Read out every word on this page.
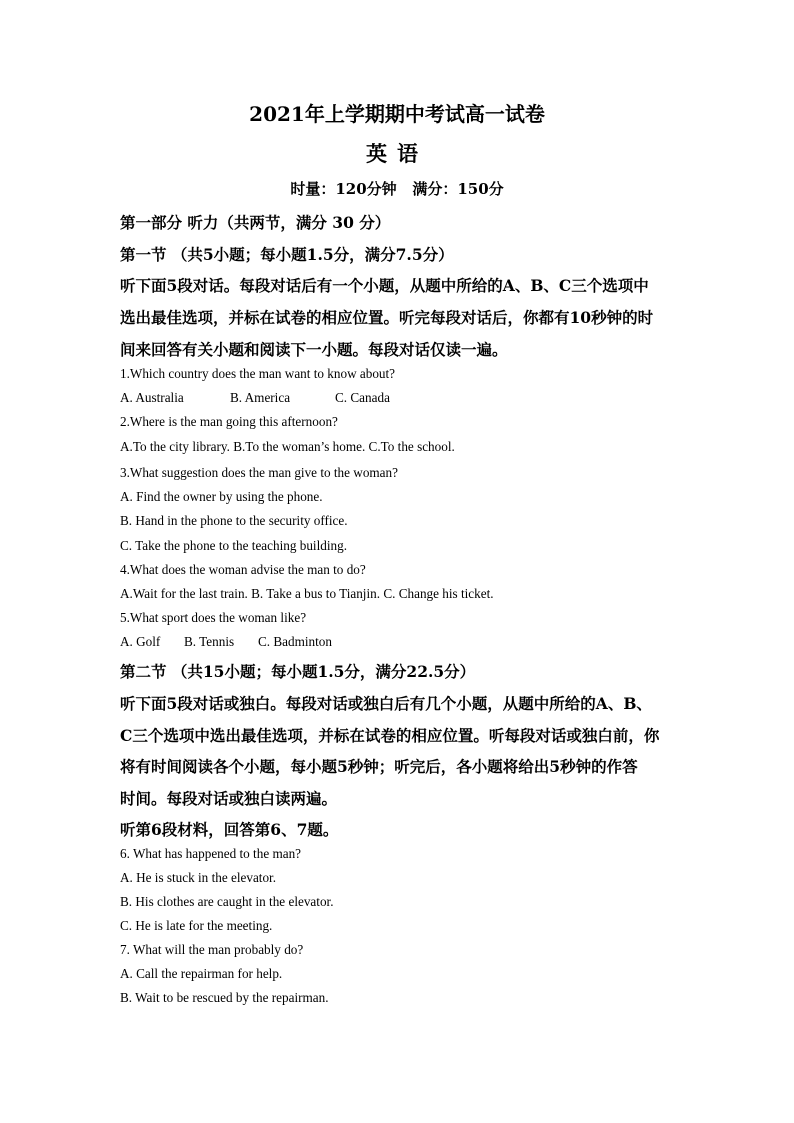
2021年上学期期中考试高一试卷
英语
时量：120分钟   满分：150分
第一部分 听力（共两节，满分 30 分）
第一节 （共5小题；每小题1.5分，满分7.5分）
听下面5段对话。每段对话后有一个小题，从题中所给的A、B、C三个选项中
选出最佳选项，并标在试卷的相应位置。听完每段对话后，你都有10秒钟的时
间来回答有关小题和阅读下一小题。每段对话仅读一遍。
1.Which country does the man want to know about?
A. Australia	B. America	C. Canada
2.Where is the man going this afternoon?
A.To the city library. B.To the woman’s home. C.To the school.
3.What suggestion does the man give to the woman?
A. Find the owner by using the phone.
B. Hand in the phone to the security office.
C. Take the phone to the teaching building.
4.What does the woman advise the man to do?
A.Wait for the last train. B. Take a bus to Tianjin. C. Change his ticket.
5.What sport does the woman like?
A. Golf B. Tennis C. Badminton
第二节 （共15小题；每小题1.5分，满分22.5分）
听下面5段对话或独白。每段对话或独白后有几个小题，从题中所给的A、B、
C三个选项中选出最佳选项，并标在试卷的相应位置。听每段对话或独白前，你
将有时间阅读各个小题，每小题5秒钟；听完后，各小题将给出5秒钟的作答
时间。每段对话或独白读两遍。
听第6段材料，回答第6、7题。
6. What has happened to the man?
A. He is stuck in the elevator.
B. His clothes are caught in the elevator.
C. He is late for the meeting.
7. What will the man probably do?
A. Call the repairman for help.
B. Wait to be rescued by the repairman.
